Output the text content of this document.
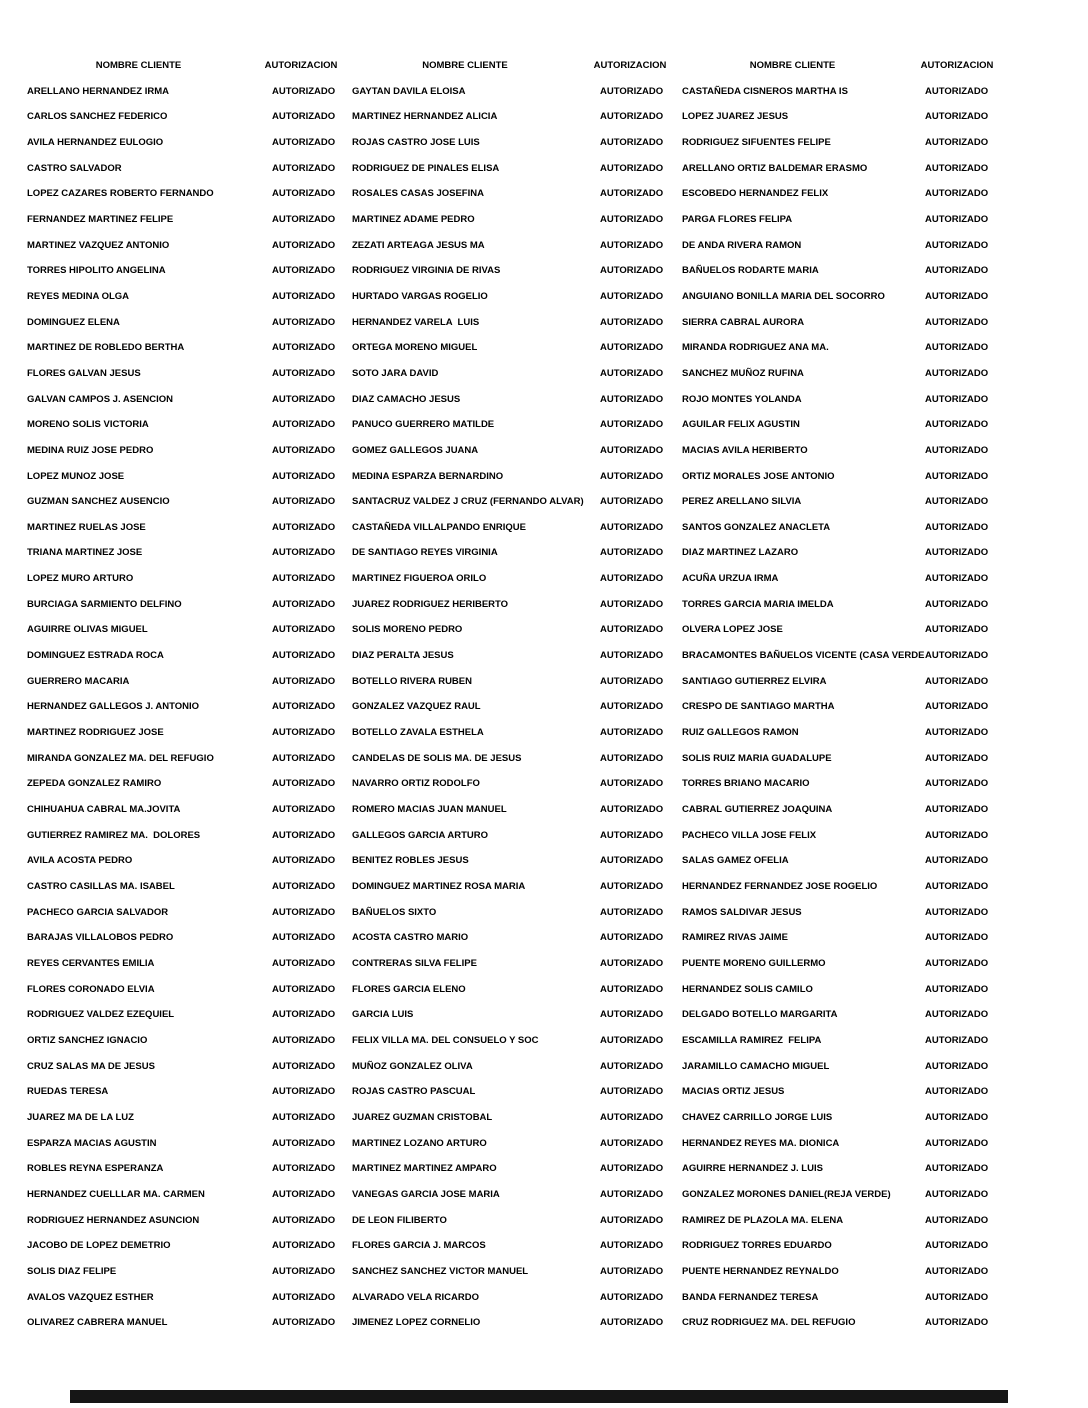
NOMBRE CLIENTE	AUTORIZACION	NOMBRE CLIENTE	AUTORIZACION	NOMBRE CLIENTE	AUTORIZACION
ARELLANO HERNANDEZ IRMA	AUTORIZADO	GAYTAN DAVILA ELOISA	AUTORIZADO	CASTAÑEDA CISNEROS MARTHA IS	AUTORIZADO
CARLOS SANCHEZ FEDERICO	AUTORIZADO	MARTINEZ HERNANDEZ ALICIA	AUTORIZADO	LOPEZ JUAREZ JESUS	AUTORIZADO
AVILA HERNANDEZ EULOGIO	AUTORIZADO	ROJAS CASTRO JOSE LUIS	AUTORIZADO	RODRIGUEZ SIFUENTES FELIPE	AUTORIZADO
CASTRO SALVADOR	AUTORIZADO	RODRIGUEZ DE PINALES ELISA	AUTORIZADO	ARELLANO ORTIZ BALDEMAR ERASMO	AUTORIZADO
LOPEZ CAZARES ROBERTO FERNANDO	AUTORIZADO	ROSALES CASAS JOSEFINA	AUTORIZADO	ESCOBEDO HERNANDEZ FELIX	AUTORIZADO
FERNANDEZ MARTINEZ FELIPE	AUTORIZADO	MARTINEZ ADAME PEDRO	AUTORIZADO	PARGA FLORES FELIPA	AUTORIZADO
MARTINEZ VAZQUEZ ANTONIO	AUTORIZADO	ZEZATI ARTEAGA JESUS MA	AUTORIZADO	DE ANDA RIVERA RAMON	AUTORIZADO
TORRES HIPOLITO ANGELINA	AUTORIZADO	RODRIGUEZ VIRGINIA DE RIVAS	AUTORIZADO	BAÑUELOS RODARTE MARIA	AUTORIZADO
REYES MEDINA OLGA	AUTORIZADO	HURTADO VARGAS ROGELIO	AUTORIZADO	ANGUIANO BONILLA MARIA DEL SOCORRO	AUTORIZADO
DOMINGUEZ ELENA	AUTORIZADO	HERNANDEZ VARELA  LUIS	AUTORIZADO	SIERRA CABRAL AURORA	AUTORIZADO
MARTINEZ DE ROBLEDO BERTHA	AUTORIZADO	ORTEGA MORENO MIGUEL	AUTORIZADO	MIRANDA RODRIGUEZ ANA MA.	AUTORIZADO
FLORES GALVAN JESUS	AUTORIZADO	SOTO JARA DAVID	AUTORIZADO	SANCHEZ MUÑOZ RUFINA	AUTORIZADO
GALVAN CAMPOS J. ASENCION	AUTORIZADO	DIAZ CAMACHO JESUS	AUTORIZADO	ROJO MONTES YOLANDA	AUTORIZADO
MORENO SOLIS VICTORIA	AUTORIZADO	PANUCO GUERRERO MATILDE	AUTORIZADO	AGUILAR FELIX AGUSTIN	AUTORIZADO
MEDINA RUIZ JOSE PEDRO	AUTORIZADO	GOMEZ GALLEGOS JUANA	AUTORIZADO	MACIAS AVILA HERIBERTO	AUTORIZADO
LOPEZ MUNOZ JOSE	AUTORIZADO	MEDINA ESPARZA BERNARDINO	AUTORIZADO	ORTIZ MORALES JOSE ANTONIO	AUTORIZADO
GUZMAN SANCHEZ AUSENCIO	AUTORIZADO	SANTACRUZ VALDEZ J CRUZ (FERNANDO ALVAR)	AUTORIZADO	PEREZ ARELLANO SILVIA	AUTORIZADO
MARTINEZ RUELAS JOSE	AUTORIZADO	CASTAÑEDA VILLALPANDO ENRIQUE	AUTORIZADO	SANTOS GONZALEZ ANACLETA	AUTORIZADO
TRIANA MARTINEZ JOSE	AUTORIZADO	DE SANTIAGO REYES VIRGINIA	AUTORIZADO	DIAZ MARTINEZ LAZARO	AUTORIZADO
LOPEZ MURO ARTURO	AUTORIZADO	MARTINEZ FIGUEROA ORILO	AUTORIZADO	ACUÑA URZUA IRMA	AUTORIZADO
BURCIAGA SARMIENTO DELFINO	AUTORIZADO	JUAREZ RODRIGUEZ HERIBERTO	AUTORIZADO	TORRES GARCIA MARIA IMELDA	AUTORIZADO
AGUIRRE OLIVAS MIGUEL	AUTORIZADO	SOLIS MORENO PEDRO	AUTORIZADO	OLVERA LOPEZ JOSE	AUTORIZADO
DOMINGUEZ ESTRADA ROCA	AUTORIZADO	DIAZ PERALTA JESUS	AUTORIZADO	BRACAMONTES BAÑUELOS VICENTE (CASA VERDE AUTORIZADO
GUERRERO MACARIA	AUTORIZADO	BOTELLO RIVERA RUBEN	AUTORIZADO	SANTIAGO GUTIERREZ ELVIRA	AUTORIZADO
HERNANDEZ GALLEGOS J. ANTONIO	AUTORIZADO	GONZALEZ VAZQUEZ RAUL	AUTORIZADO	CRESPO DE SANTIAGO MARTHA	AUTORIZADO
MARTINEZ RODRIGUEZ JOSE	AUTORIZADO	BOTELLO ZAVALA ESTHELA	AUTORIZADO	RUIZ GALLEGOS RAMON	AUTORIZADO
MIRANDA GONZALEZ MA. DEL REFUGIO	AUTORIZADO	CANDELAS DE SOLIS MA. DE JESUS	AUTORIZADO	SOLIS RUIZ MARIA GUADALUPE	AUTORIZADO
ZEPEDA GONZALEZ RAMIRO	AUTORIZADO	NAVARRO ORTIZ RODOLFO	AUTORIZADO	TORRES BRIANO MACARIO	AUTORIZADO
CHIHUAHUA CABRAL MA.JOVITA	AUTORIZADO	ROMERO MACIAS JUAN MANUEL	AUTORIZADO	CABRAL GUTIERREZ JOAQUINA	AUTORIZADO
GUTIERREZ RAMIREZ MA.  DOLORES	AUTORIZADO	GALLEGOS GARCIA ARTURO	AUTORIZADO	PACHECO VILLA JOSE FELIX	AUTORIZADO
AVILA ACOSTA PEDRO	AUTORIZADO	BENITEZ ROBLES JESUS	AUTORIZADO	SALAS GAMEZ OFELIA	AUTORIZADO
CASTRO CASILLAS MA. ISABEL	AUTORIZADO	DOMINGUEZ MARTINEZ ROSA MARIA	AUTORIZADO	HERNANDEZ FERNANDEZ JOSE ROGELIO	AUTORIZADO
PACHECO GARCIA SALVADOR	AUTORIZADO	BAÑUELOS SIXTO	AUTORIZADO	RAMOS SALDIVAR JESUS	AUTORIZADO
BARAJAS VILLALOBOS PEDRO	AUTORIZADO	ACOSTA CASTRO MARIO	AUTORIZADO	RAMIREZ RIVAS JAIME	AUTORIZADO
REYES CERVANTES EMILIA	AUTORIZADO	CONTRERAS SILVA FELIPE	AUTORIZADO	PUENTE MORENO GUILLERMO	AUTORIZADO
FLORES CORONADO ELVIA	AUTORIZADO	FLORES GARCIA ELENO	AUTORIZADO	HERNANDEZ SOLIS CAMILO	AUTORIZADO
RODRIGUEZ VALDEZ EZEQUIEL	AUTORIZADO	GARCIA LUIS	AUTORIZADO	DELGADO BOTELLO MARGARITA	AUTORIZADO
ORTIZ SANCHEZ IGNACIO	AUTORIZADO	FELIX VILLA MA. DEL CONSUELO Y SOC	AUTORIZADO	ESCAMILLA RAMIREZ  FELIPA	AUTORIZADO
CRUZ SALAS MA DE JESUS	AUTORIZADO	MUÑOZ GONZALEZ OLIVA	AUTORIZADO	JARAMILLO CAMACHO MIGUEL	AUTORIZADO
RUEDAS TERESA	AUTORIZADO	ROJAS CASTRO PASCUAL	AUTORIZADO	MACIAS ORTIZ JESUS	AUTORIZADO
JUAREZ MA DE LA LUZ	AUTORIZADO	JUAREZ GUZMAN CRISTOBAL	AUTORIZADO	CHAVEZ CARRILLO JORGE LUIS	AUTORIZADO
ESPARZA MACIAS AGUSTIN	AUTORIZADO	MARTINEZ LOZANO ARTURO	AUTORIZADO	HERNANDEZ REYES MA. DIONICA	AUTORIZADO
ROBLES REYNA ESPERANZA	AUTORIZADO	MARTINEZ MARTINEZ AMPARO	AUTORIZADO	AGUIRRE HERNANDEZ J. LUIS	AUTORIZADO
HERNANDEZ CUELLLAR MA. CARMEN	AUTORIZADO	VANEGAS GARCIA JOSE MARIA	AUTORIZADO	GONZALEZ MORONES DANIEL(REJA VERDE)	AUTORIZADO
RODRIGUEZ HERNANDEZ ASUNCION	AUTORIZADO	DE LEON FILIBERTO	AUTORIZADO	RAMIREZ DE PLAZOLA MA. ELENA	AUTORIZADO
JACOBO DE LOPEZ DEMETRIO	AUTORIZADO	FLORES GARCIA J. MARCOS	AUTORIZADO	RODRIGUEZ TORRES EDUARDO	AUTORIZADO
SOLIS DIAZ FELIPE	AUTORIZADO	SANCHEZ SANCHEZ VICTOR MANUEL	AUTORIZADO	PUENTE HERNANDEZ REYNALDO	AUTORIZADO
AVALOS VAZQUEZ ESTHER	AUTORIZADO	ALVARADO VELA RICARDO	AUTORIZADO	BANDA FERNANDEZ TERESA	AUTORIZADO
OLIVAREZ CABRERA MANUEL	AUTORIZADO	JIMENEZ LOPEZ CORNELIO	AUTORIZADO	CRUZ RODRIGUEZ MA. DEL REFUGIO	AUTORIZADO
